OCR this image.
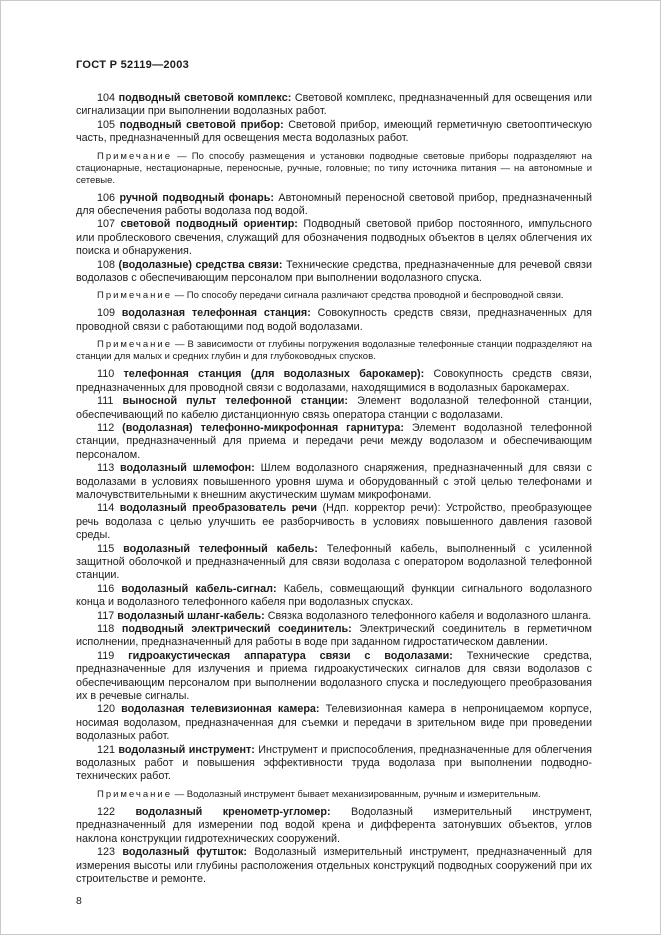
ГОСТ Р 52119—2003

104 подводный световой комплекс: Световой комплекс, предназначенный для освещения или сигнализации при выполнении водолазных работ.

105 подводный световой прибор: Световой прибор, имеющий герметичную светооптическую часть, предназначенный для освещения места водолазных работ.

Примечание — По способу размещения и установки подводные световые приборы подразделяют на стационарные, нестационарные, переносные, ручные, головные; по типу источника питания — на автономные и сетевые.

106 ручной подводный фонарь: Автономный переносной световой прибор, предназначенный для обеспечения работы водолаза под водой.

107 световой подводный ориентир: Подводный световой прибор постоянного, импульсного или проблескового свечения, служащий для обозначения подводных объектов в целях облегчения их поиска и обнаружения.

108 (водолазные) средства связи: Технические средства, предназначенные для речевой связи водолазов с обеспечивающим персоналом при выполнении водолазного спуска.

Примечание — По способу передачи сигнала различают средства проводной и беспроводной связи.

109 водолазная телефонная станция: Совокупность средств связи, предназначенных для проводной связи с работающими под водой водолазами.

Примечание — В зависимости от глубины погружения водолазные телефонные станции подразделяют на станции для малых и средних глубин и для глубоководных спусков.

110 телефонная станция (для водолазных барокамер): Совокупность средств связи, предназначенных для проводной связи с водолазами, находящимися в водолазных барокамерах.

111 выносной пульт телефонной станции: Элемент водолазной телефонной станции, обеспечивающий по кабелю дистанционную связь оператора станции с водолазами.

112 (водолазная) телефонно-микрофонная гарнитура: Элемент водолазной телефонной станции, предназначенный для приема и передачи речи между водолазом и обеспечивающим персоналом.

113 водолазный шлемофон: Шлем водолазного снаряжения, предназначенный для связи с водолазами в условиях повышенного уровня шума и оборудованный с этой целью телефонами и малочувствительными к внешним акустическим шумам микрофонами.

114 водолазный преобразователь речи (Ндп. корректор речи): Устройство, преобразующее речь водолаза с целью улучшить ее разборчивость в условиях повышенного давления газовой среды.

115 водолазный телефонный кабель: Телефонный кабель, выполненный с усиленной защитной оболочкой и предназначенный для связи водолаза с оператором водолазной телефонной станции.

116 водолазный кабель-сигнал: Кабель, совмещающий функции сигнального водолазного конца и водолазного телефонного кабеля при водолазных спусках.

117 водолазный шланг-кабель: Связка водолазного телефонного кабеля и водолазного шланга.

118 подводный электрический соединитель: Электрический соединитель в герметичном исполнении, предназначенный для работы в воде при заданном гидростатическом давлении.

119 гидроакустическая аппаратура связи с водолазами: Технические средства, предназначенные для излучения и приема гидроакустических сигналов для связи водолазов с обеспечивающим персоналом при выполнении водолазного спуска и последующего преобразования их в речевые сигналы.

120 водолазная телевизионная камера: Телевизионная камера в непроницаемом корпусе, носимая водолазом, предназначенная для съемки и передачи в зрительном виде при проведении водолазных работ.

121 водолазный инструмент: Инструмент и приспособления, предназначенные для облегчения водолазных работ и повышения эффективности труда водолаза при выполнении подводно-технических работ.

Примечание — Водолазный инструмент бывает механизированным, ручным и измерительным.

122 водолазный кренометр-угломер: Водолазный измерительный инструмент, предназначенный для измерении под водой крена и дифферента затонувших объектов, углов наклона конструкции гидротехнических сооружений.

123 водолазный футшток: Водолазный измерительный инструмент, предназначенный для измерения высоты или глубины расположения отдельных конструкций подводных сооружений при их строительстве и ремонте.

8
